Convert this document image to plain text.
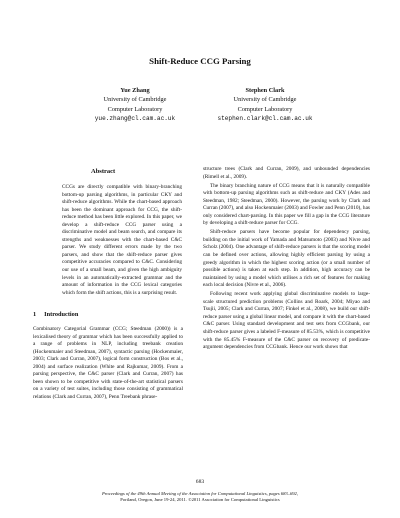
Shift-Reduce CCG Parsing
Yue Zhang
University of Cambridge
Computer Laboratory
yue.zhang@cl.cam.ac.uk
Stephen Clark
University of Cambridge
Computer Laboratory
stephen.clark@cl.cam.ac.uk
Abstract

CCGs are directly compatible with binary-branching bottom-up parsing algorithms, in particular CKY and shift-reduce algorithms. While the chart-based approach has been the dominant approach for CCG, the shift-reduce method has been little explored. In this paper, we develop a shift-reduce CCG parser using a discriminative model and beam search, and compare its strengths and weaknesses with the chart-based C&C parser. We study different errors made by the two parsers, and show that the shift-reduce parser gives competitive accuracies compared to C&C. Considering our use of a small beam, and given the high ambiguity levels in an automatically-extracted grammar and the amount of information in the CCG lexical categories which form the shift actions, this is a surprising result.

1 Introduction

Combinatory Categorial Grammar (CCG; Steedman (2000)) is a lexicalised theory of grammar which has been successfully applied to a range of problems in NLP, including treebank creation (Hockenmaier and Steedman, 2007), syntactic parsing (Hockenmaier, 2003; Clark and Curran, 2007), logical form construction (Bos et al., 2004) and surface realization (White and Rajkumar, 2009). From a parsing perspective, the C&C parser (Clark and Curran, 2007) has been shown to be competitive with state-of-the-art statistical parsers on a variety of test suites, including those consisting of grammatical relations (Clark and Curran, 2007), Penn Treebank phrase-

structure trees (Clark and Curran, 2009), and unbounded dependencies (Rimell et al., 2009).

The binary branching nature of CCG means that it is naturally compatible with bottom-up parsing algorithms such as shift-reduce and CKY (Ades and Steedman, 1982; Steedman, 2000). However, the parsing work by Clark and Curran (2007), and also Hockenmaier (2003) and Fowler and Penn (2010), has only considered chart-parsing. In this paper we fill a gap in the CCG literature by developing a shift-reduce parser for CCG.

Shift-reduce parsers have become popular for dependency parsing, building on the initial work of Yamada and Matsumoto (2003) and Nivre and Scholz (2004). One advantage of shift-reduce parsers is that the scoring model can be defined over actions, allowing highly efficient parsing by using a greedy algorithm in which the highest scoring action (or a small number of possible actions) is taken at each step. In addition, high accuracy can be maintained by using a model which utilises a rich set of features for making each local decision (Nivre et al., 2006).

Following recent work applying global discriminative models to large-scale structured prediction problems (Collins and Roark, 2004; Miyao and Tsujii, 2005; Clark and Curran, 2007; Finkel et al., 2008), we build our shift-reduce parser using a global linear model, and compare it with the chart-based C&C parser. Using standard development and test sets from CCGbank, our shift-reduce parser gives a labeled F-measure of 85.53%, which is competitive with the 85.45% F-measure of the C&C parser on recovery of predicate-argument dependencies from CCGbank. Hence our work shows that

683
Proceedings of the 49th Annual Meeting of the Association for Computational Linguistics, pages 683–692,
Portland, Oregon, June 19-24, 2011. ©2011 Association for Computational Linguistics
